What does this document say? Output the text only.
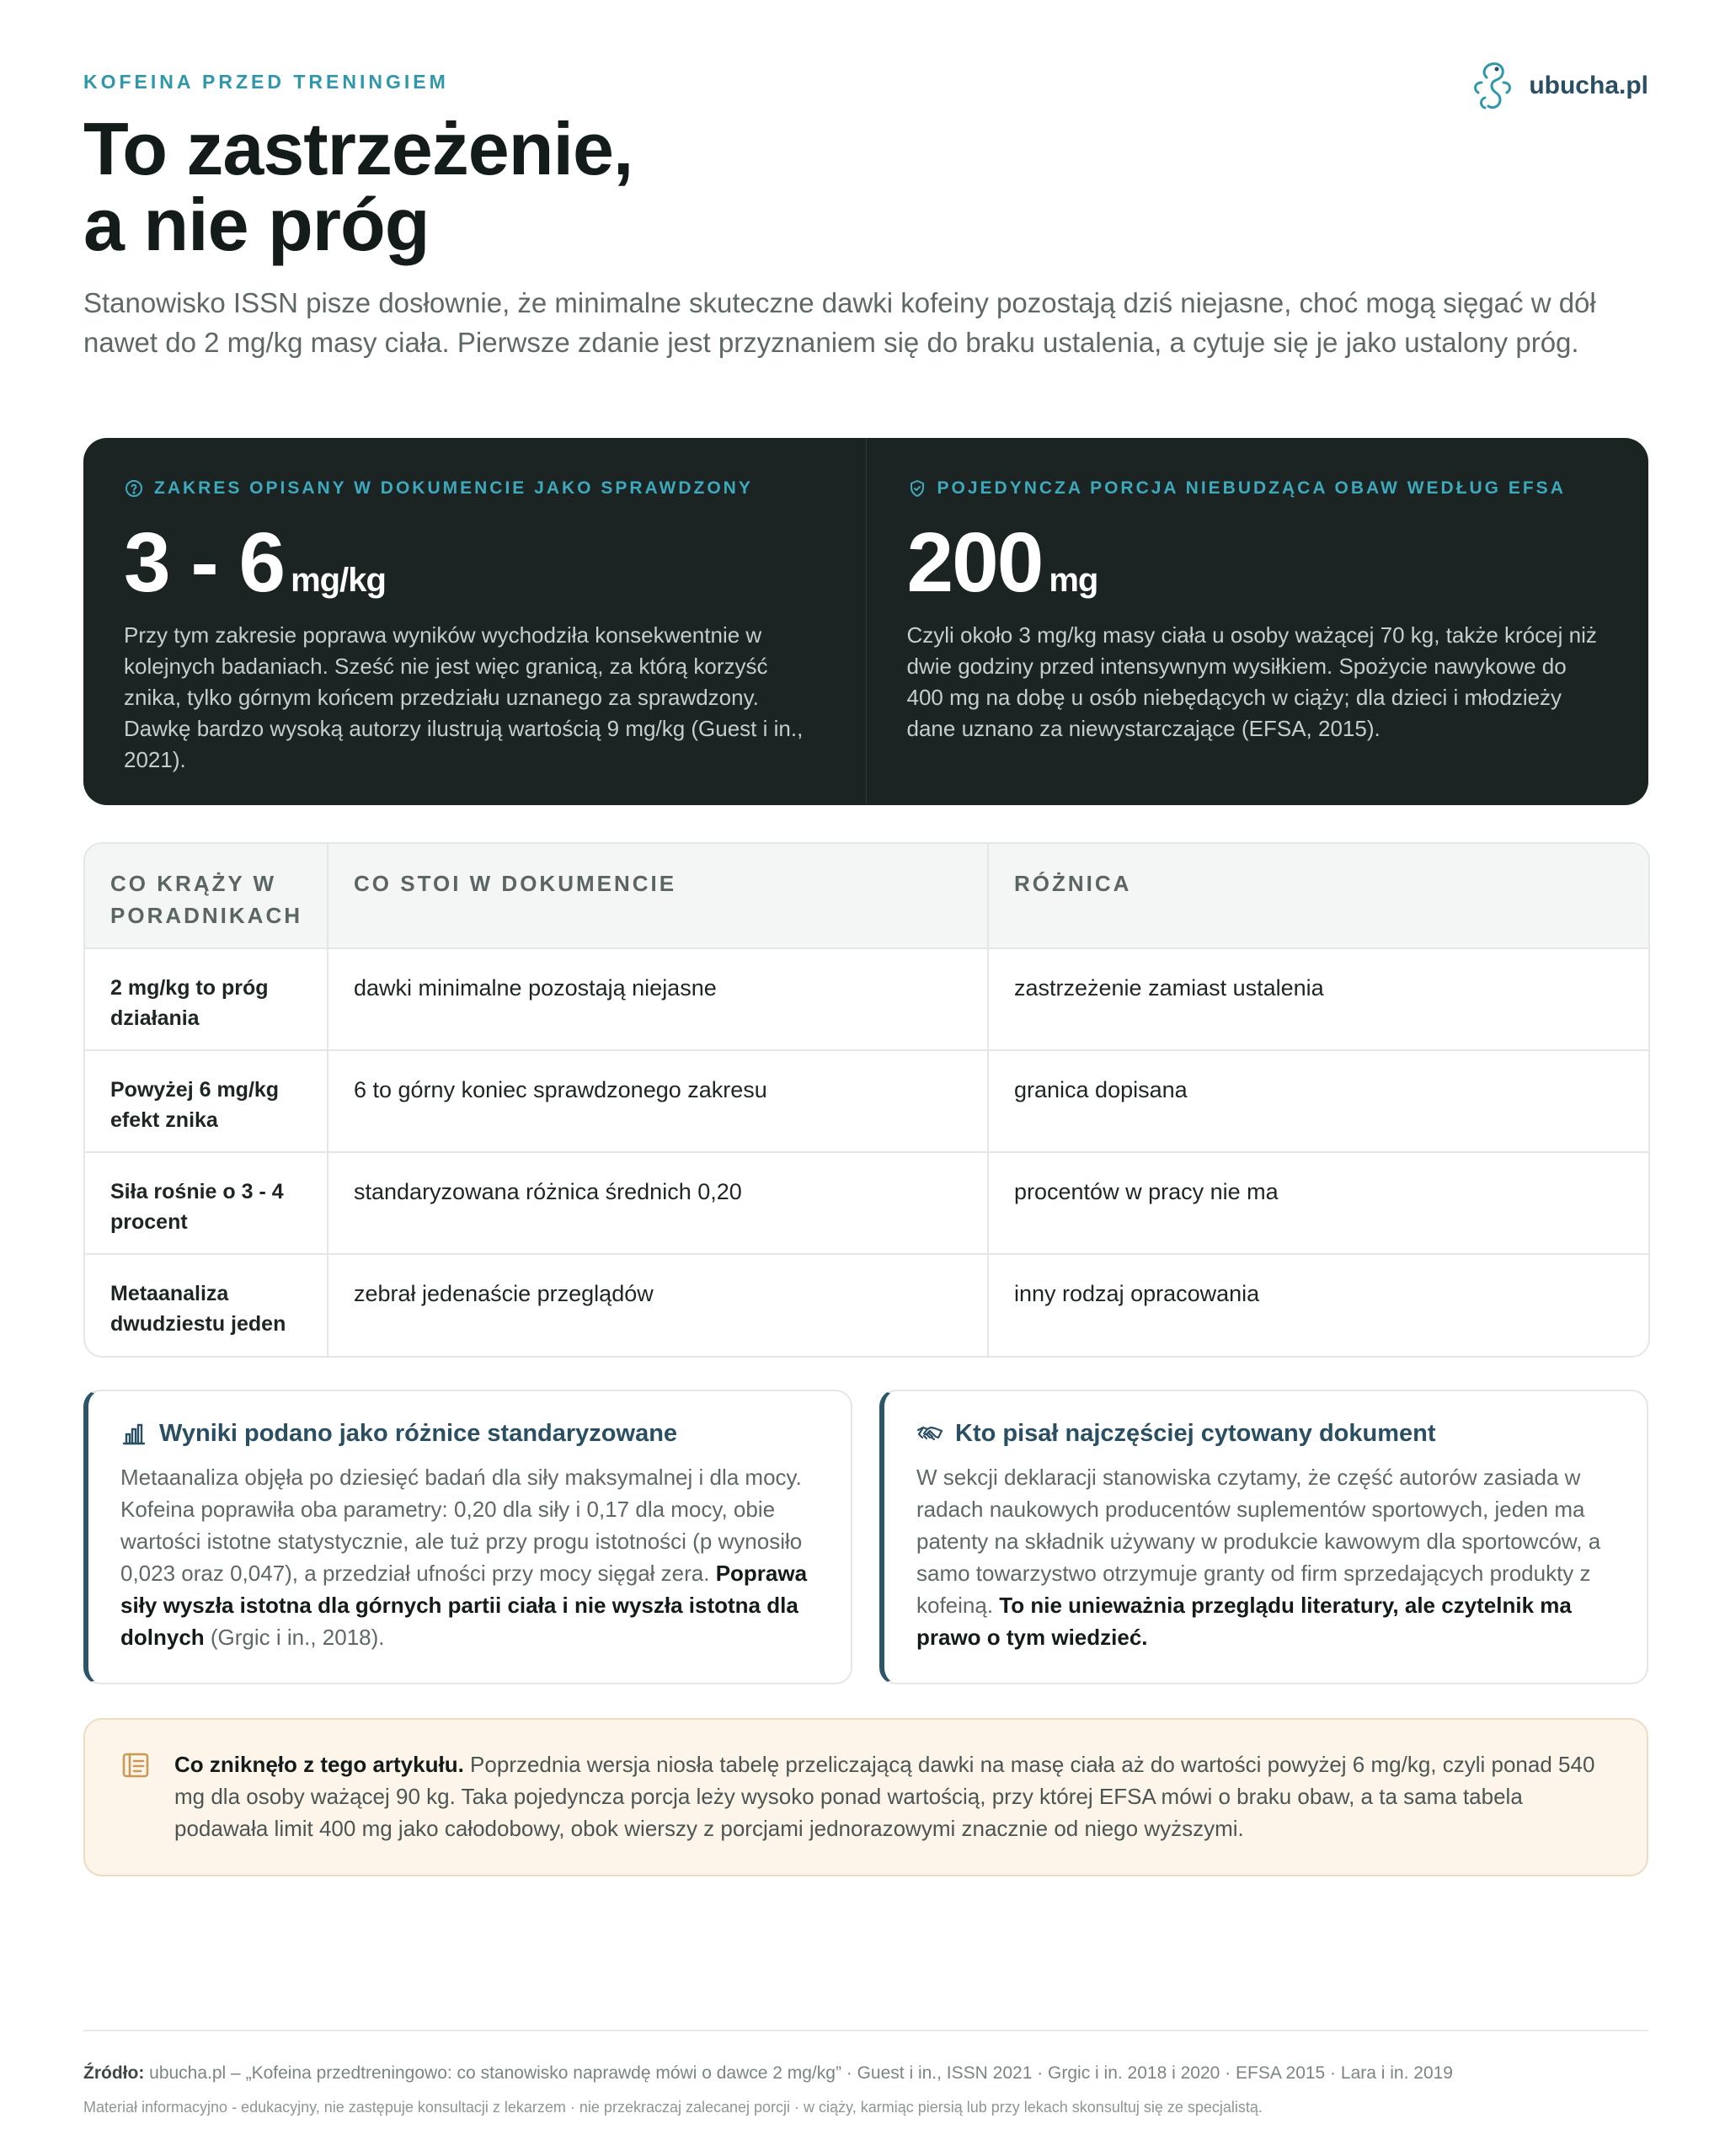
KOFEINA PRZED TRENINGIEM	ubucha.pl
To zastrzeżenie,
a nie próg

Stanowisko ISSN pisze dosłownie, że minimalne skuteczne dawki kofeiny pozostają dziś niejasne, choć mogą sięgać w dół nawet do 2 mg/kg masy ciała. Pierwsze zdanie jest przyznaniem się do braku ustalenia, a cytuje się je jako ustalony próg.

ZAKRES OPISANY W DOKUMENCIE JAKO SPRAWDZONY
3 - 6 mg/kg
Przy tym zakresie poprawa wyników wychodziła konsekwentnie w kolejnych badaniach. Sześć nie jest więc granicą, za którą korzyść znika, tylko górnym końcem przedziału uznanego za sprawdzony. Dawkę bardzo wysoką autorzy ilustrują wartością 9 mg/kg (Guest i in., 2021).
POJEDYNCZA PORCJA NIEBUDZĄCA OBAW WEDŁUG EFSA
200 mg
Czyli około 3 mg/kg masy ciała u osoby ważącej 70 kg, także krócej niż dwie godziny przed intensywnym wysiłkiem. Spożycie nawykowe do 400 mg na dobę u osób niebędących w ciąży; dla dzieci i młodzieży dane uznano za niewystarczające (EFSA, 2015).
CO KRĄŻY W PORADNIKACH	CO STOI W DOKUMENCIE	RÓŻNICA
2 mg/kg to próg działania	dawki minimalne pozostają niejasne	zastrzeżenie zamiast ustalenia
Powyżej 6 mg/kg efekt znika	6 to górny koniec sprawdzonego zakresu	granica dopisana
Siła rośnie o 3 - 4 procent	standaryzowana różnica średnich 0,20	procentów w pracy nie ma
Metaanaliza dwudziestu jeden	zebrał jedenaście przeglądów	inny rodzaj opracowania
Wyniki podano jako różnice standaryzowane

Metaanaliza objęła po dziesięć badań dla siły maksymalnej i dla mocy. Kofeina poprawiła oba parametry: 0,20 dla siły i 0,17 dla mocy, obie wartości istotne statystycznie, ale tuż przy progu istotności (p wynosiło 0,023 oraz 0,047), a przedział ufności przy mocy sięgał zera. Poprawa siły wyszła istotna dla górnych partii ciała i nie wyszła istotna dla dolnych (Grgic i in., 2018).

Kto pisał najczęściej cytowany dokument

W sekcji deklaracji stanowiska czytamy, że część autorów zasiada w radach naukowych producentów suplementów sportowych, jeden ma patenty na składnik używany w produkcie kawowym dla sportowców, a samo towarzystwo otrzymuje granty od firm sprzedających produkty z kofeiną. To nie unieważnia przeglądu literatury, ale czytelnik ma prawo o tym wiedzieć.

Co zniknęło z tego artykułu. Poprzednia wersja niosła tabelę przeliczającą dawki na masę ciała aż do wartości powyżej 6 mg/kg, czyli ponad 540 mg dla osoby ważącej 90 kg. Taka pojedyncza porcja leży wysoko ponad wartością, przy której EFSA mówi o braku obaw, a ta sama tabela podawała limit 400 mg jako całodobowy, obok wierszy z porcjami jednorazowymi znacznie od niego wyższymi.

Źródło: ubucha.pl – „Kofeina przedtreningowo: co stanowisko naprawdę mówi o dawce 2 mg/kg” · Guest i in., ISSN 2021 · Grgic i in. 2018 i 2020 · EFSA 2015 · Lara i in. 2019
Materiał informacyjno - edukacyjny, nie zastępuje konsultacji z lekarzem · nie przekraczaj zalecanej porcji · w ciąży, karmiąc piersią lub przy lekach skonsultuj się ze specjalistą.
